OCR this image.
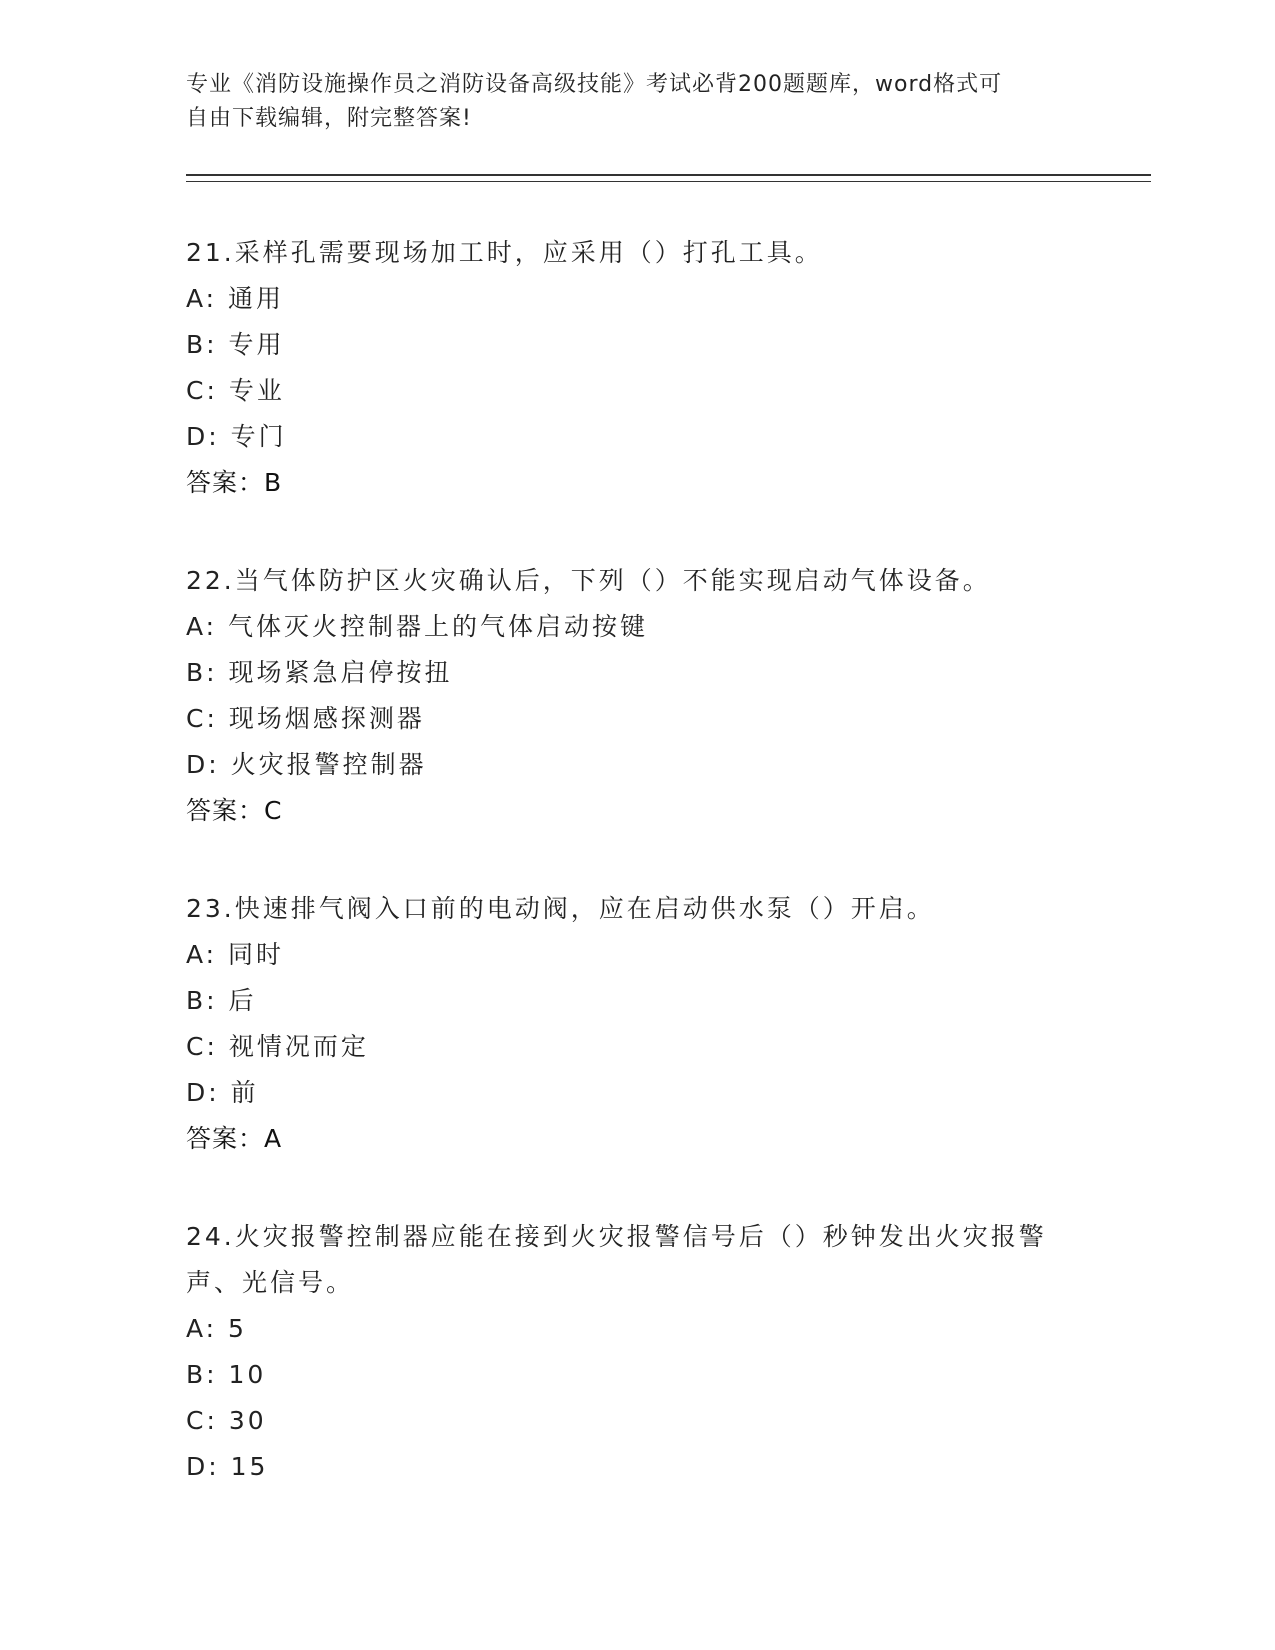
专业《消防设施操作员之消防设备高级技能》考试必背200题题库，word格式可
自由下载编辑，附完整答案!

21.采样孔需要现场加工时，应采用（）打孔工具。

A: 通用

B: 专用

C: 专业

D: 专门

答案：B

22.当气体防护区火灾确认后，下列（）不能实现启动气体设备。

A: 气体灭火控制器上的气体启动按键

B: 现场紧急启停按扭

C: 现场烟感探测器

D: 火灾报警控制器

答案：C

23.快速排气阀入口前的电动阀，应在启动供水泵（）开启。

A: 同时

B: 后

C: 视情况而定

D: 前

答案：A

24.火灾报警控制器应能在接到火灾报警信号后（）秒钟发出火灾报警声、光信号。

A: 5

B: 10

C: 30

D: 15
